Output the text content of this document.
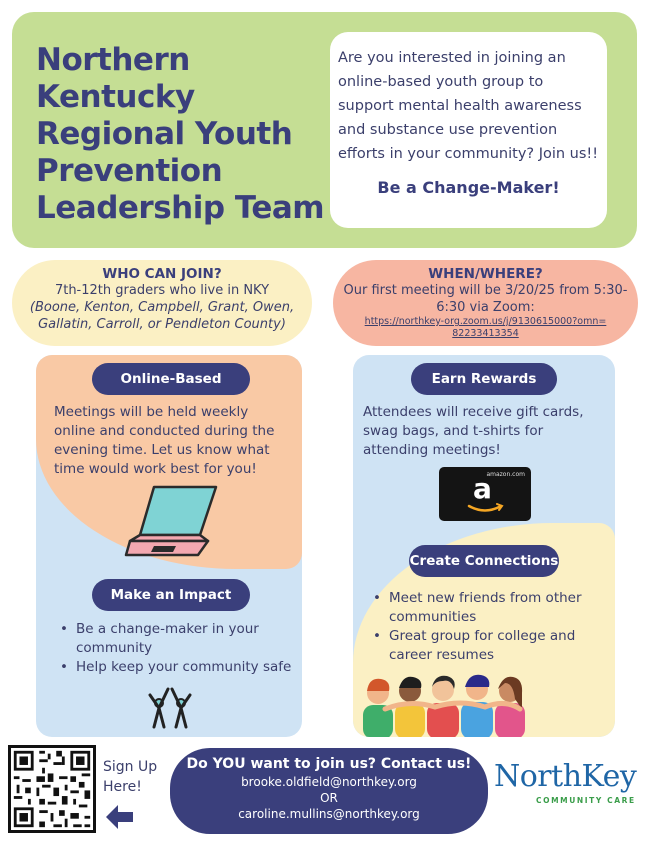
Northern
Kentucky
Regional Youth
Prevention
Leadership Team
Are you interested in joining an online-based youth group to support mental health awareness and substance use prevention efforts in your community? Join us!!
Be a Change-Maker!
WHO CAN JOIN?
7th-12th graders who live in NKY
(Boone, Kenton, Campbell, Grant, Owen, Gallatin, Carroll, or Pendleton County)
WHEN/WHERE?
Our first meeting will be 3/20/25 from 5:30-6:30 via Zoom:
https://northkey-org.zoom.us/j/9130615000?omn=82233413354
Online-Based
Meetings will be held weekly online and conducted during the evening time. Let us know what time would work best for you!
Make an Impact
• Be a change-maker in your community
• Help keep your community safe
Earn Rewards
Attendees will receive gift cards, swag bags, and t-shirts for attending meetings!
amazon.com
a
Create Connections
• Meet new friends from other communities
• Great group for college and career resumes
Sign Up
Here!
Do YOU want to join us? Contact us!
brooke.oldfield@northkey.org
OR
caroline.mullins@northkey.org
NorthKey
COMMUNITY CARE
